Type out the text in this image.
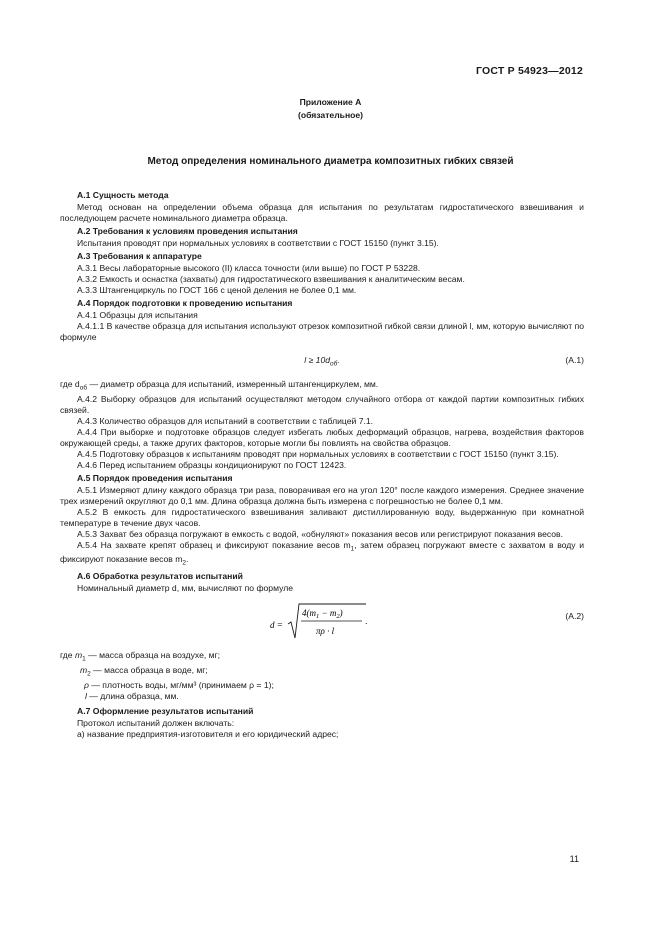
ГОСТ Р 54923—2012
Приложение А
(обязательное)
Метод определения номинального диаметра композитных гибких связей
А.1 Сущность метода
Метод основан на определении объема образца для испытания по результатам гидростатического взвешивания и последующем расчете номинального диаметра образца.
А.2 Требования к условиям проведения испытания
Испытания проводят при нормальных условиях в соответствии с ГОСТ 15150 (пункт 3.15).
А.3 Требования к аппаратуре
А.3.1 Весы лабораторные высокого (II) класса точности (или выше) по ГОСТ Р 53228.
А.3.2 Емкость и оснастка (захваты) для гидростатического взвешивания к аналитическим весам.
А.3.3 Штангенциркуль по ГОСТ 166 с ценой деления не более 0,1 мм.
А.4 Порядок подготовки к проведению испытания
А.4.1 Образцы для испытания
А.4.1.1 В качестве образца для испытания используют отрезок композитной гибкой связи длиной l, мм, которую вычисляют по формуле
$l \ge 10d_{об}$.	(А.1)
где $d_{об}$ — диаметр образца для испытаний, измеренный штангенциркулем, мм.
А.4.2 Выборку образцов для испытаний осуществляют методом случайного отбора от каждой партии композитных гибких связей.
А.4.3 Количество образцов для испытаний в соответствии с таблицей 7.1.
А.4.4 При выборке и подготовке образцов следует избегать любых деформаций образцов, нагрева, воздействия факторов окружающей среды, а также других факторов, которые могли бы повлиять на свойства образцов.
А.4.5 Подготовку образцов к испытаниям проводят при нормальных условиях в соответствии с ГОСТ 15150 (пункт 3.15).
А.4.6 Перед испытанием образцы кондиционируют по ГОСТ 12423.
А.5 Порядок проведения испытания
А.5.1 Измеряют длину каждого образца три раза, поворачивая его на угол 120° после каждого измерения. Среднее значение трех измерений округляют до 0,1 мм. Длина образца должна быть измерена с погрешностью не более 0,1 мм.
А.5.2 В емкость для гидростатического взвешивания заливают дистиллированную воду, выдержанную при комнатной температуре в течение двух часов.
А.5.3 Захват без образца погружают в емкость с водой, «обнуляют» показания весов или регистрируют показания весов.
А.5.4 На захвате крепят образец и фиксируют показание весов $m_1$, затем образец погружают вместе с захватом в воду и фиксируют показание весов $m_2$.
А.6 Обработка результатов испытаний
Номинальный диаметр d, мм, вычисляют по формуле
d =
$4(m_1 - m_2)$
πρ · l
.	(А.2)
где $m_1$ — масса образца на воздухе, мг;
$m_2$ — масса образца в воде, мг;
ρ — плотность воды, мг/мм³ (принимаем ρ = 1);
l — длина образца, мм.
А.7 Оформление результатов испытаний
Протокол испытаний должен включать:
а) название предприятия-изготовителя и его юридический адрес;
11
